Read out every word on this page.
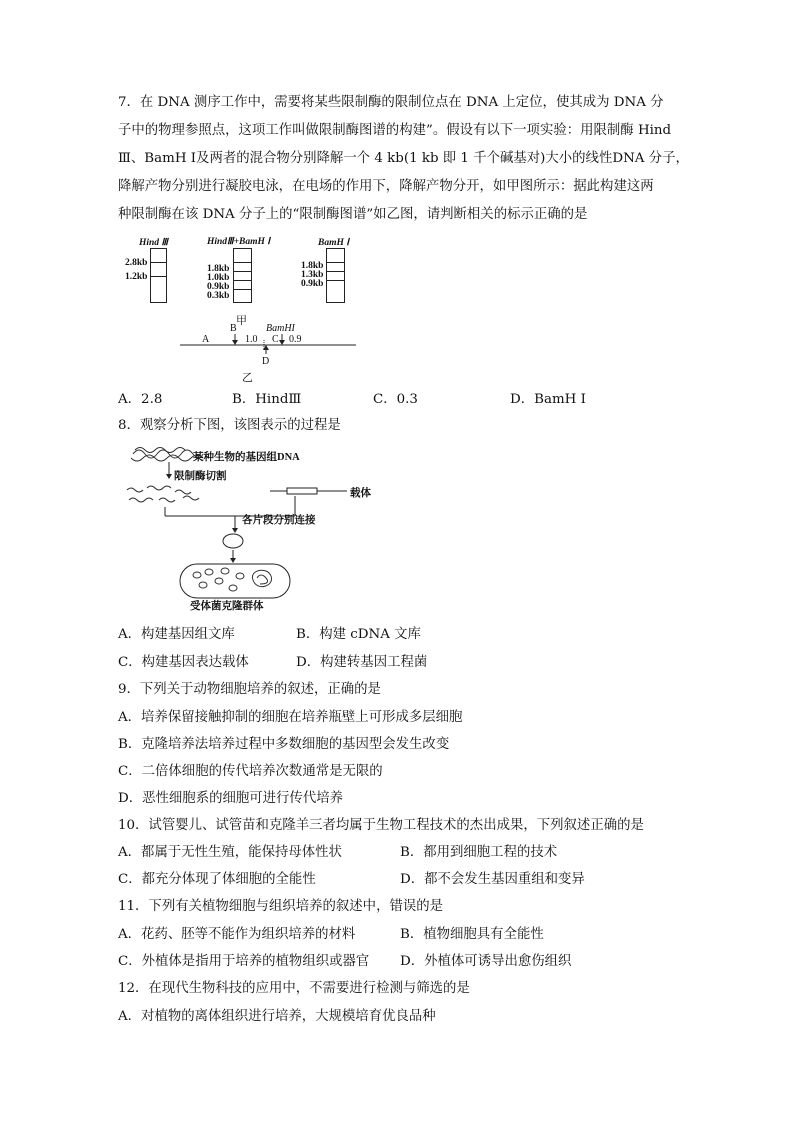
7．在 DNA 测序工作中，需要将某些限制酶的限制位点在 DNA 上定位，使其成为 DNA 分
子中的物理参照点，这项工作叫做限制酶图谱的构建”。假设有以下一项实验：用限制酶 Hind
Ⅲ、BamH Ⅰ及两者的混合物分别降解一个 4 kb(1 kb 即 1 千个碱基对)大小的线性DNA 分子，
降解产物分别进行凝胶电泳，在电场的作用下，降解产物分开，如甲图所示：据此构建这两
种限制酶在该 DNA 分子上的“限制酶图谱”如乙图，请判断相关的标示正确的是
Hind Ⅲ
2.8kb
1.2kb
HindⅢ+BamH Ⅰ
1.8kb
1.0kb
0.9kb
0.3kb
BamH Ⅰ
1.8kb
1.3kb
0.9kb
甲
A
B
1.0 C 0.9
BamHI
D
乙
A．2.8	B．HindⅢ	C．0.3	D．BamH Ⅰ
8．观察分析下图，该图表示的过程是
某种生物的基因组DNA
限制酶切割
载体
各片段分别连接
受体菌克隆群体
A．构建基因组文库	B．构建 cDNA 文库
C．构建基因表达载体	D．构建转基因工程菌
9．下列关于动物细胞培养的叙述，正确的是
A．培养保留接触抑制的细胞在培养瓶壁上可形成多层细胞
B．克隆培养法培养过程中多数细胞的基因型会发生改变
C．二倍体细胞的传代培养次数通常是无限的
D．恶性细胞系的细胞可进行传代培养
10．试管婴儿、试管苗和克隆羊三者均属于生物工程技术的杰出成果，下列叙述正确的是
A．都属于无性生殖，能保持母体性状	B．都用到细胞工程的技术
C．都充分体现了体细胞的全能性	D．都不会发生基因重组和变异
11．下列有关植物细胞与组织培养的叙述中，错误的是
A．花药、胚等不能作为组织培养的材料	B．植物细胞具有全能性
C．外植体是指用于培养的植物组织或器官 D．外植体可诱导出愈伤组织
12．在现代生物科技的应用中，不需要进行检测与筛选的是
A．对植物的离体组织进行培养，大规模培育优良品种
